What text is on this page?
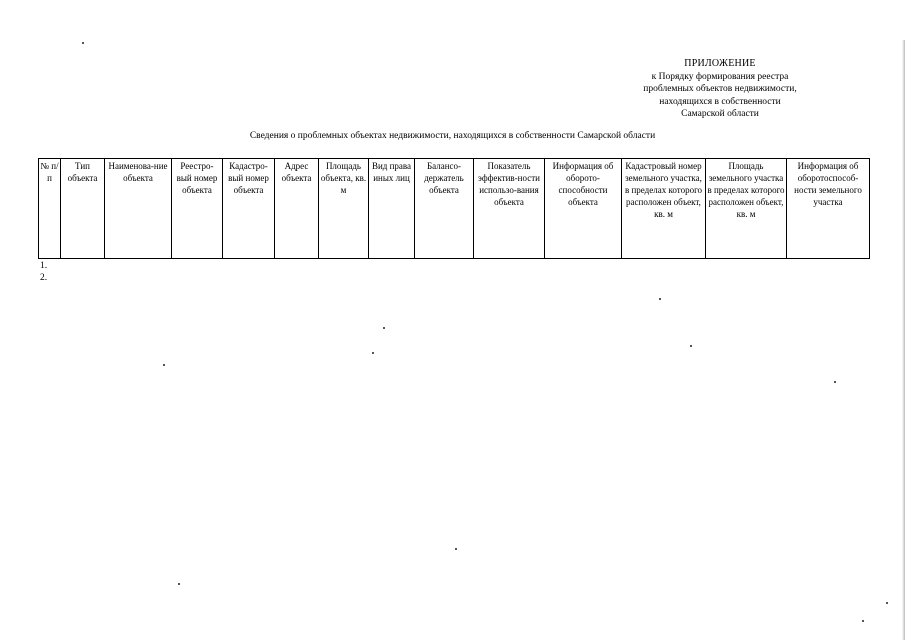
ПРИЛОЖЕНИЕ
к Порядку формирования реестра
проблемных объектов недвижимости,
находящихся в собственности
Самарской области
Сведения о проблемных объектах недвижимости, находящихся в собственности Самарской области
№ п/п	Тип объекта	Наименова-ние объекта	Реестро-вый номер объекта	Кадастро-вый номер объекта	Адрес объекта	Площадь объекта, кв. м	Вид права иных лиц	Балансо-держатель объекта	Показатель эффектив-ности использо-вания объекта	Информация об оборото-способности объекта	Кадастровый номер земельного участка, в пределах которого расположен объект, кв. м	Площадь земельного участка в пределах которого расположен объект, кв. м	Информация об оборотоспособ-ности земельного участка
1.
2.
